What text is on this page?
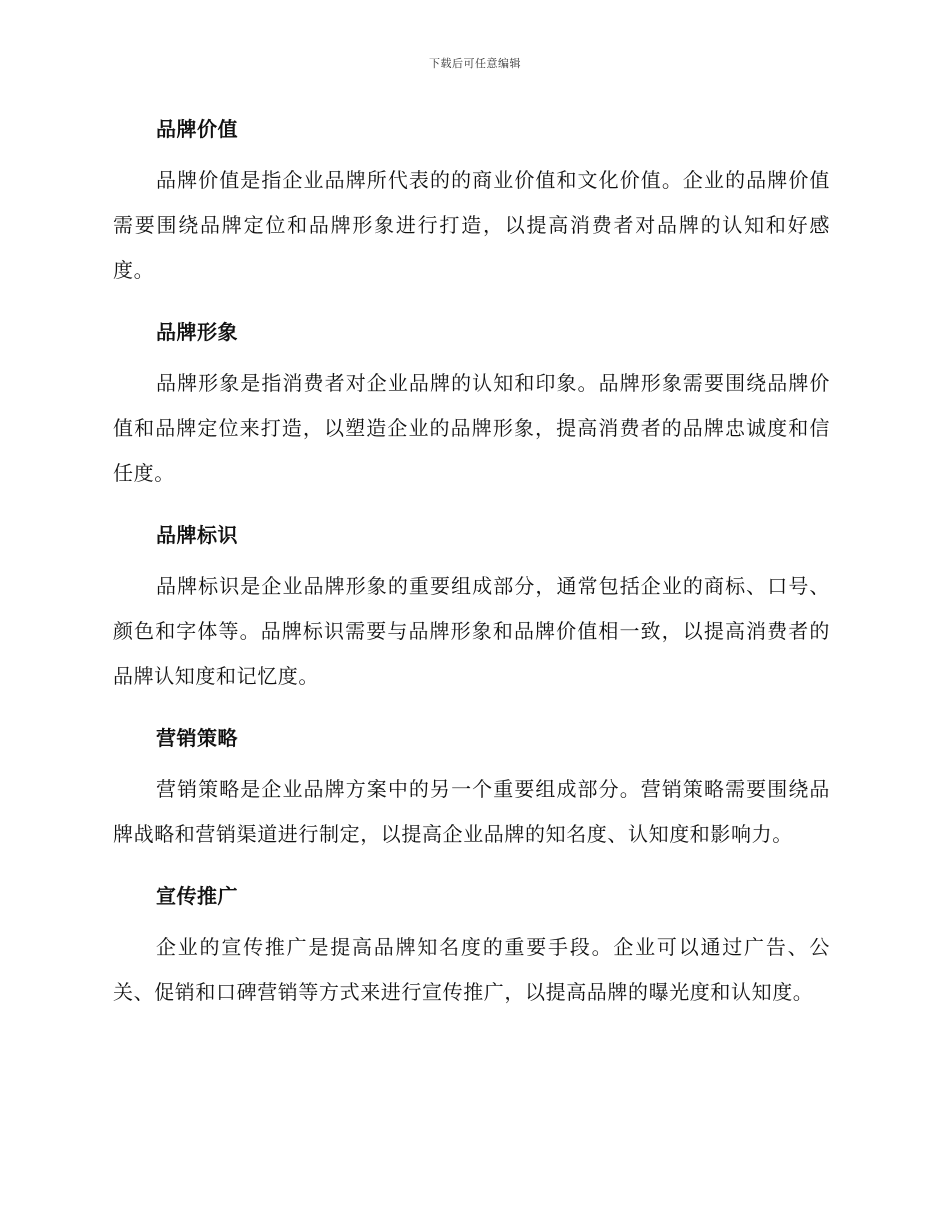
下载后可任意编辑
品牌价值

品牌价值是指企业品牌所代表的的商业价值和文化价值。企业的品牌价值需要围绕品牌定位和品牌形象进行打造，以提高消费者对品牌的认知和好感度。

品牌形象

品牌形象是指消费者对企业品牌的认知和印象。品牌形象需要围绕品牌价值和品牌定位来打造，以塑造企业的品牌形象，提高消费者的品牌忠诚度和信任度。

品牌标识

品牌标识是企业品牌形象的重要组成部分，通常包括企业的商标、口号、颜色和字体等。品牌标识需要与品牌形象和品牌价值相一致，以提高消费者的品牌认知度和记忆度。

营销策略

营销策略是企业品牌方案中的另一个重要组成部分。营销策略需要围绕品牌战略和营销渠道进行制定，以提高企业品牌的知名度、认知度和影响力。

宣传推广

企业的宣传推广是提高品牌知名度的重要手段。企业可以通过广告、公关、促销和口碑营销等方式来进行宣传推广，以提高品牌的曝光度和认知度。
